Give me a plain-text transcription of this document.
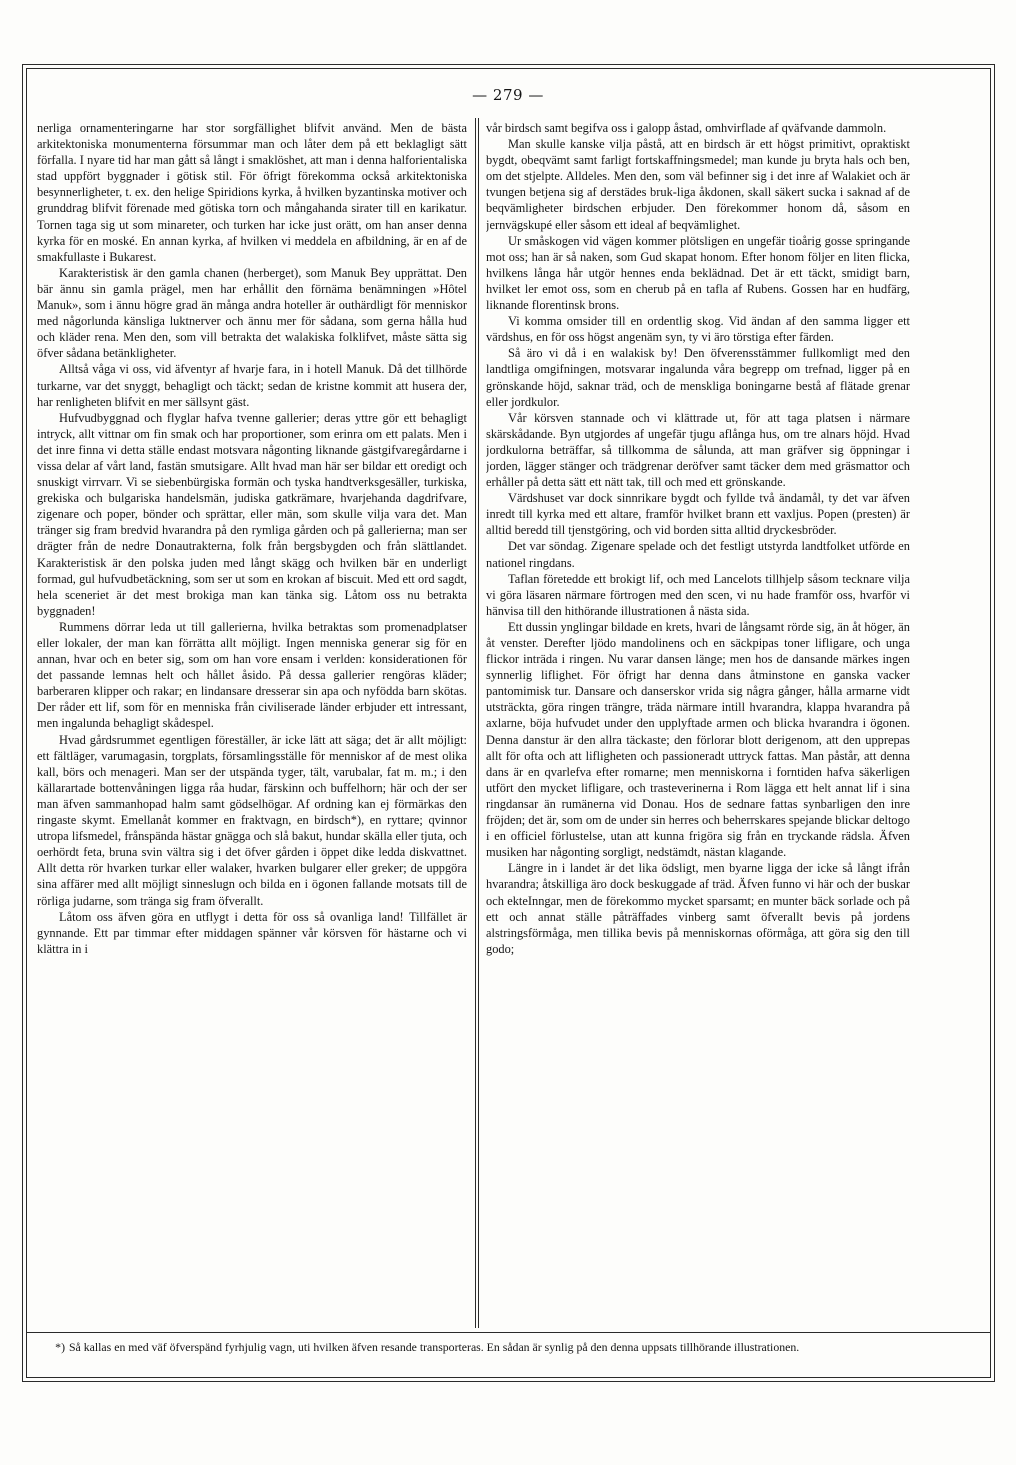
— 279 —

nerliga ornamenteringarne har stor sorgfällighet blifvit använd. Men de bästa arkitektoniska monumenterna försummar man och låter dem på ett beklagligt sätt förfalla. I nyare tid har man gått så långt i smaklöshet, att man i denna halforientaliska stad uppfört byggnader i götisk stil. För öfrigt förekomma också arkitektoniska besynnerligheter, t. ex. den helige Spiridions kyrka, å hvilken byzantinska motiver och grunddrag blifvit förenade med götiska torn och mångahanda sirater till en karikatur. Tornen taga sig ut som minareter, och turken har icke just orätt, om han anser denna kyrka för en moské. En annan kyrka, af hvilken vi meddela en afbildning, är en af de smakfullaste i Bukarest.

Karakteristisk är den gamla chanen (herberget), som Manuk Bey upprättat. Den bär ännu sin gamla prägel, men har erhållit den förnäma benämningen »Hôtel Manuk», som i ännu högre grad än många andra hoteller är outhärdligt för menniskor med någorlunda känsliga luktnerver och ännu mer för sådana, som gerna hålla hud och kläder rena. Men den, som vill betrakta det walakiska folklifvet, måste sätta sig öfver sådana betänkligheter.

Alltså våga vi oss, vid äfventyr af hvarje fara, in i hotell Manuk. Då det tillhörde turkarne, var det snyggt, behagligt och täckt; sedan de kristne kommit att husera der, har renligheten blifvit en mer sällsynt gäst.

Hufvudbyggnad och flyglar hafva tvenne gallerier; deras yttre gör ett behagligt intryck, allt vittnar om fin smak och har proportioner, som erinra om ett palats. Men i det inre finna vi detta ställe endast motsvara någonting liknande gästgifvaregårdarne i vissa delar af vårt land, fastän smutsigare. Allt hvad man här ser bildar ett oredigt och snuskigt virrvarr. Vi se siebenbürgiska formän och tyska handtverksgesäller, turkiska, grekiska och bulgariska handelsmän, judiska gatkrämare, hvarjehanda dagdrifvare, zigenare och poper, bönder och sprättar, eller män, som skulle vilja vara det. Man tränger sig fram bredvid hvarandra på den rymliga gården och på gallerierna; man ser drägter från de nedre Donautrakterna, folk från bergsbygden och från slättlandet. Karakteristisk är den polska juden med långt skägg och hvilken bär en underligt formad, gul hufvudbetäckning, som ser ut som en krokan af biscuit. Med ett ord sagdt, hela sceneriet är det mest brokiga man kan tänka sig. Låtom oss nu betrakta byggnaden!

Rummens dörrar leda ut till gallerierna, hvilka betraktas som promenadplatser eller lokaler, der man kan förrätta allt möjligt. Ingen menniska generar sig för en annan, hvar och en beter sig, som om han vore ensam i verlden: konsiderationen för det passande lemnas helt och hållet åsido. På dessa gallerier rengöras kläder; barberaren klipper och rakar; en lindansare dresserar sin apa och nyfödda barn skötas. Der råder ett lif, som för en menniska från civiliserade länder erbjuder ett intressant, men ingalunda behagligt skådespel.

Hvad gårdsrummet egentligen föreställer, är icke lätt att säga; det är allt möjligt: ett fältläger, varumagasin, torgplats, församlingsställe för menniskor af de mest olika kall, börs och menageri. Man ser der utspända tyger, tält, varubalar, fat m. m.; i den källarartade bottenvåningen ligga råa hudar, färskinn och buffelhorn; här och der ser man äfven sammanhopad halm samt gödselhögar. Af ordning kan ej förmärkas den ringaste skymt. Emellanåt kommer en fraktvagn, en birdsch*), en ryttare; qvinnor utropa lifsmedel, frånspända hästar gnägga och slå bakut, hundar skälla eller tjuta, och oerhördt feta, bruna svin vältra sig i det öfver gården i öppet dike ledda diskvattnet. Allt detta rör hvarken turkar eller walaker, hvarken bulgarer eller greker; de uppgöra sina affärer med allt möjligt sinneslugn och bilda en i ögonen fallande motsats till de rörliga judarne, som tränga sig fram öfverallt.

Låtom oss äfven göra en utflygt i detta för oss så ovanliga land! Tillfället är gynnande. Ett par timmar efter middagen spänner vår körsven för hästarne och vi klättra in i

vår birdsch samt begifva oss i galopp åstad, omhvirflade af qväfvande dammoln.

Man skulle kanske vilja påstå, att en birdsch är ett högst primitivt, opraktiskt bygdt, obeqvämt samt farligt fortskaffningsmedel; man kunde ju bryta hals och ben, om det stjelpte. Alldeles. Men den, som väl befinner sig i det inre af Walakiet och är tvungen betjena sig af derstädes bruk-liga åkdonen, skall säkert sucka i saknad af de beqvämligheter birdschen erbjuder. Den förekommer honom då, såsom en jernvägskupé eller såsom ett ideal af beqvämlighet.

Ur småskogen vid vägen kommer plötsligen en ungefär tioårig gosse springande mot oss; han är så naken, som Gud skapat honom. Efter honom följer en liten flicka, hvilkens långa hår utgör hennes enda beklädnad. Det är ett täckt, smidigt barn, hvilket ler emot oss, som en cherub på en tafla af Rubens. Gossen har en hudfärg, liknande florentinsk brons.

Vi komma omsider till en ordentlig skog. Vid ändan af den samma ligger ett värdshus, en för oss högst angenäm syn, ty vi äro törstiga efter färden.

Så äro vi då i en walakisk by! Den öfverensstämmer fullkomligt med den landtliga omgifningen, motsvarar ingalunda våra begrepp om trefnad, ligger på en grönskande höjd, saknar träd, och de menskliga boningarne bestå af flätade grenar eller jordkulor.

Vår körsven stannade och vi klättrade ut, för att taga platsen i närmare skärskådande. Byn utgjordes af ungefär tjugu aflånga hus, om tre alnars höjd. Hvad jordkulorna beträffar, så tillkomma de sålunda, att man gräfver sig öppningar i jorden, lägger stänger och trädgrenar deröfver samt täcker dem med gräsmattor och erhåller på detta sätt ett nätt tak, till och med ett grönskande.

Värdshuset var dock sinnrikare bygdt och fyllde två ändamål, ty det var äfven inredt till kyrka med ett altare, framför hvilket brann ett vaxljus. Popen (presten) är alltid beredd till tjenstgöring, och vid borden sitta alltid dryckesbröder.

Det var söndag. Zigenare spelade och det festligt utstyrda landtfolket utförde en nationel ringdans.

Taflan företedde ett brokigt lif, och med Lancelots tillhjelp såsom tecknare vilja vi göra läsaren närmare förtrogen med den scen, vi nu hade framför oss, hvarför vi hänvisa till den hithörande illustrationen å nästa sida.

Ett dussin ynglingar bildade en krets, hvari de långsamt rörde sig, än åt höger, än åt venster. Derefter ljödo mandolinens och en säckpipas toner lifligare, och unga flickor inträda i ringen. Nu varar dansen länge; men hos de dansande märkes ingen synnerlig liflighet. För öfrigt har denna dans åtminstone en ganska vacker pantomimisk tur. Dansare och danserskor vrida sig några gånger, hålla armarne vidt utsträckta, göra ringen trängre, träda närmare intill hvarandra, klappa hvarandra på axlarne, böja hufvudet under den upplyftade armen och blicka hvarandra i ögonen. Denna danstur är den allra täckaste; den förlorar blott derigenom, att den upprepas allt för ofta och att lifligheten och passioneradt uttryck fattas. Man påstår, att denna dans är en qvarlefva efter romarne; men menniskorna i forntiden hafva säkerligen utfört den mycket lifligare, och trasteverinerna i Rom lägga ett helt annat lif i sina ringdansar än rumänerna vid Donau. Hos de sednare fattas synbarligen den inre fröjden; det är, som om de under sin herres och beherrskares spejande blickar deltogo i en officiel förlustelse, utan att kunna frigöra sig från en tryckande rädsla. Äfven musiken har någonting sorgligt, nedstämdt, nästan klagande.

Längre in i landet är det lika ödsligt, men byarne ligga der icke så långt ifrån hvarandra; åtskilliga äro dock beskuggade af träd. Äfven funno vi här och der buskar och ekteInngar, men de förekommo mycket sparsamt; en munter bäck sorlade och på ett och annat ställe påträffades vinberg samt öfverallt bevis på jordens alstringsförmåga, men tillika bevis på menniskornas oförmåga, att göra sig den till godo;

*) Så kallas en med väf öfverspänd fyrhjulig vagn, uti hvilken äfven resande transporteras. En sådan är synlig på den denna uppsats tillhörande illustrationen.
